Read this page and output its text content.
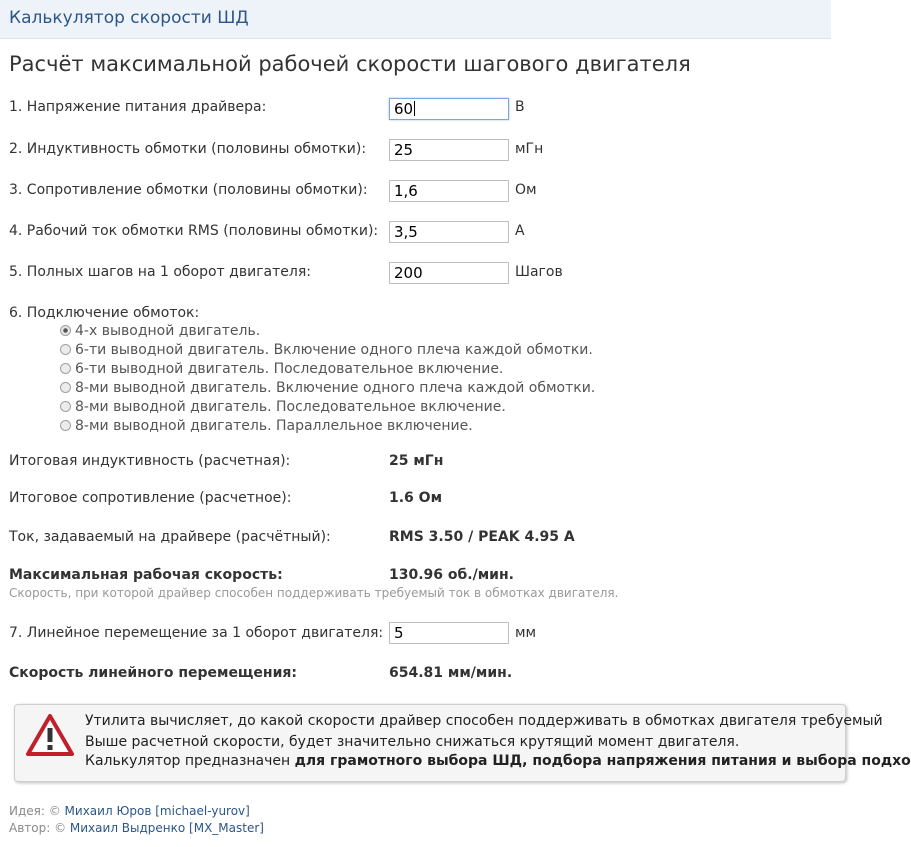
Калькулятор скорости ШД
Расчёт максимальной рабочей скорости шагового двигателя
1. Напряжение питания драйвера:	60	В
2. Индуктивность обмотки (половины обмотки):	25	мГн
3. Сопротивление обмотки (половины обмотки):	1,6	Ом
4. Рабочий ток обмотки RMS (половины обмотки):	3,5	А
5. Полных шагов на 1 оборот двигателя:	200	Шагов
6. Подключение обмоток:
4-х выводной двигатель.
6-ти выводной двигатель. Включение одного плеча каждой обмотки.
6-ти выводной двигатель. Последовательное включение.
8-ми выводной двигатель. Включение одного плеча каждой обмотки.
8-ми выводной двигатель. Последовательное включение.
8-ми выводной двигатель. Параллельное включение.
Итоговая индуктивность (расчетная):	25 мГн
Итоговое сопротивление (расчетное):	1.6 Ом
Ток, задаваемый на драйвере (расчётный):	RMS 3.50 / PEAK 4.95 A
Максимальная рабочая скорость:	130.96 об./мин.
Скорость, при которой драйвер способен поддерживать требуемый ток в обмотках двигателя.
7. Линейное перемещение за 1 оборот двигателя: 5	мм
Скорость линейного перемещения:	654.81 мм/мин.
Утилита вычисляет, до какой скорости драйвер способен поддерживать в обмотках двигателя требуемый
Выше расчетной скорости, будет значительно снижаться крутящий момент двигателя.
Калькулятор предназначен для грамотного выбора ШД, подбора напряжения питания и выбора подхо
Идея: © Михаил Юров [michael-yurov]
Автор: © Михаил Выдренко [MX_Master]
